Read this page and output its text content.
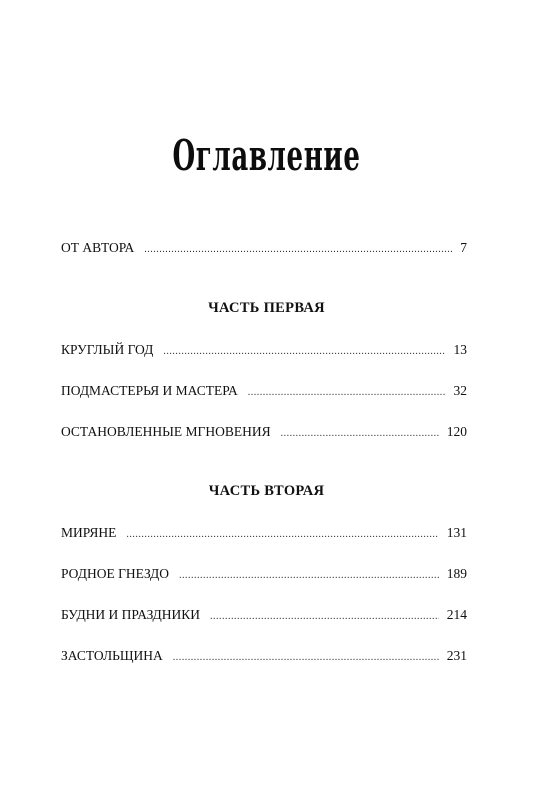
Оглавление
ОТ АВТОРА .....	7
ЧАСТЬ ПЕРВАЯ
КРУГЛЫЙ ГОД .....	13
ПОДМАСТЕРЬЯ И МАСТЕРА .....	32
ОСТАНОВЛЕННЫЕ МГНОВЕНИЯ .....	120
ЧАСТЬ ВТОРАЯ
МИРЯНЕ .....	131
РОДНОЕ ГНЕЗДО .....	189
БУДНИ И ПРАЗДНИКИ .....	214
ЗАСТОЛЬЩИНА .....	231
